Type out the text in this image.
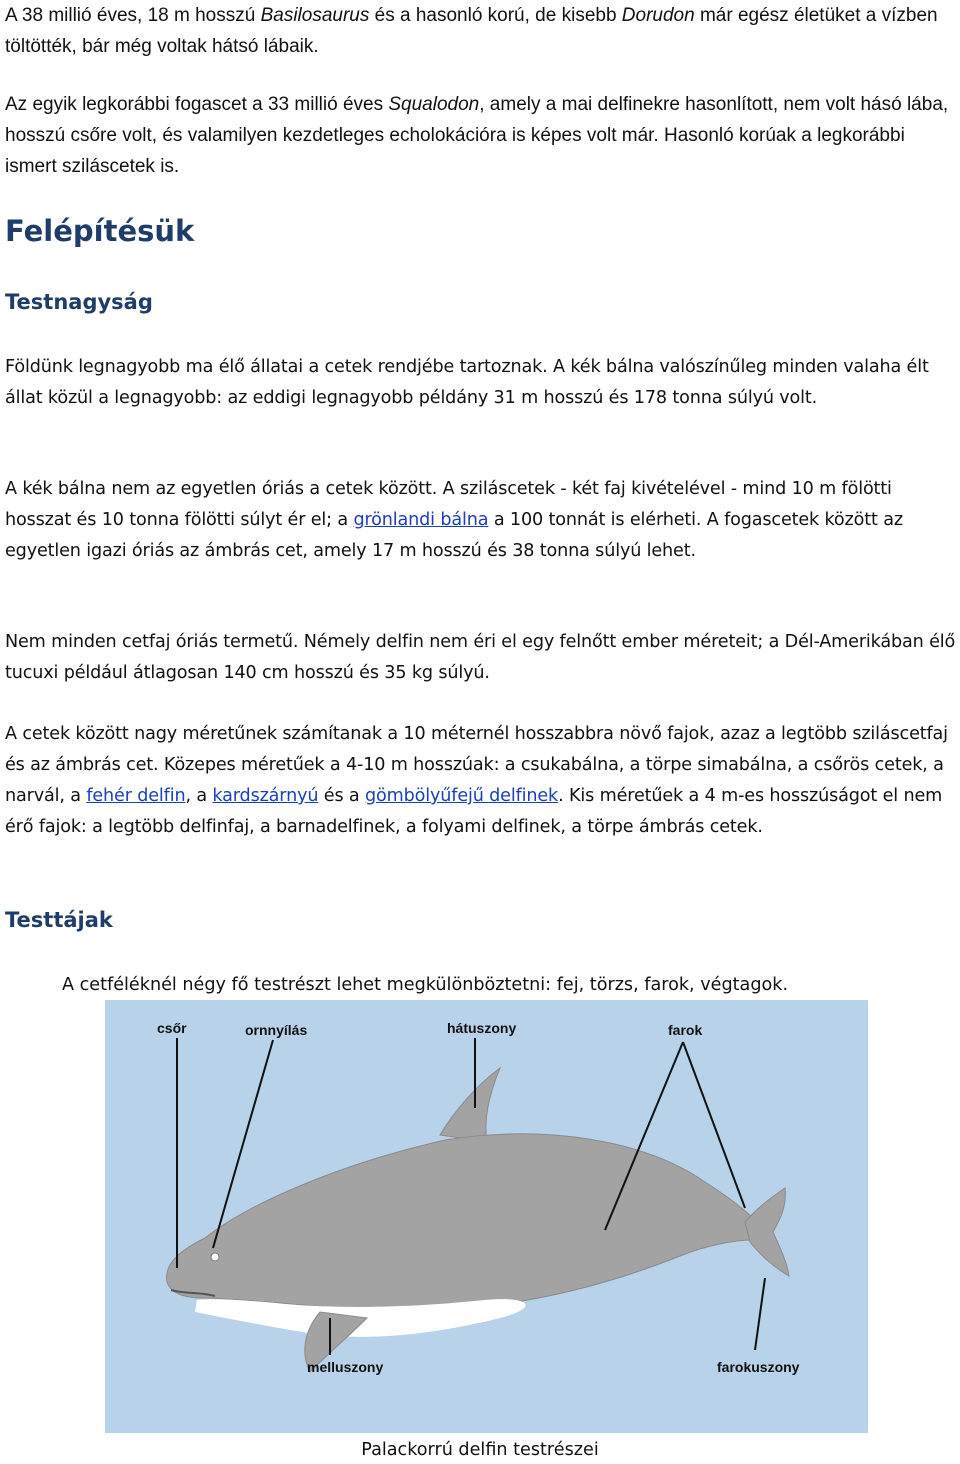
A 38 millió éves, 18 m hosszú Basilosaurus és a hasonló korú, de kisebb Dorudon már egész életüket a vízben töltötték, bár még voltak hátsó lábaik.

Az egyik legkorábbi fogascet a 33 millió éves Squalodon, amely a mai delfinekre hasonlított, nem volt hásó lába, hosszú csőre volt, és valamilyen kezdetleges echolokációra is képes volt már. Hasonló korúak a legkorábbi ismert sziláscetek is.

Felépítésük
Testnagyság

Földünk legnagyobb ma élő állatai a cetek rendjébe tartoznak. A kék bálna valószínűleg minden valaha élt állat közül a legnagyobb: az eddigi legnagyobb példány 31 m hosszú és 178 tonna súlyú volt.

A kék bálna nem az egyetlen óriás a cetek között. A sziláscetek - két faj kivételével - mind 10 m fölötti hosszat és 10 tonna fölötti súlyt ér el; a grönlandi bálna a 100 tonnát is elérheti. A fogascetek között az egyetlen igazi óriás az ámbrás cet, amely 17 m hosszú és 38 tonna súlyú lehet.

Nem minden cetfaj óriás termetű. Némely delfin nem éri el egy felnőtt ember méreteit; a Dél-Amerikában élő tucuxi például átlagosan 140 cm hosszú és 35 kg súlyú.

A cetek között nagy méretűnek számítanak a 10 méternél hosszabbra növő fajok, azaz a legtöbb sziláscetfaj és az ámbrás cet. Közepes méretűek a 4-10 m hosszúak: a csukabálna, a törpe simabálna, a csőrös cetek, a narvál, a fehér delfin, a kardszárnyú és a gömbölyűfejű delfinek. Kis méretűek a 4 m-es hosszúságot el nem érő fajok: a legtöbb delfinfaj, a barnadelfinek, a folyami delfinek, a törpe ámbrás cetek.

Testtájak

A cetféléknél négy fő testrészt lehet megkülönböztetni: fej, törzs, farok, végtagok.

csőr	ornnyílás	hátuszony	farok
melluszony	farokuszony

Palackorrú delfin testrészei
